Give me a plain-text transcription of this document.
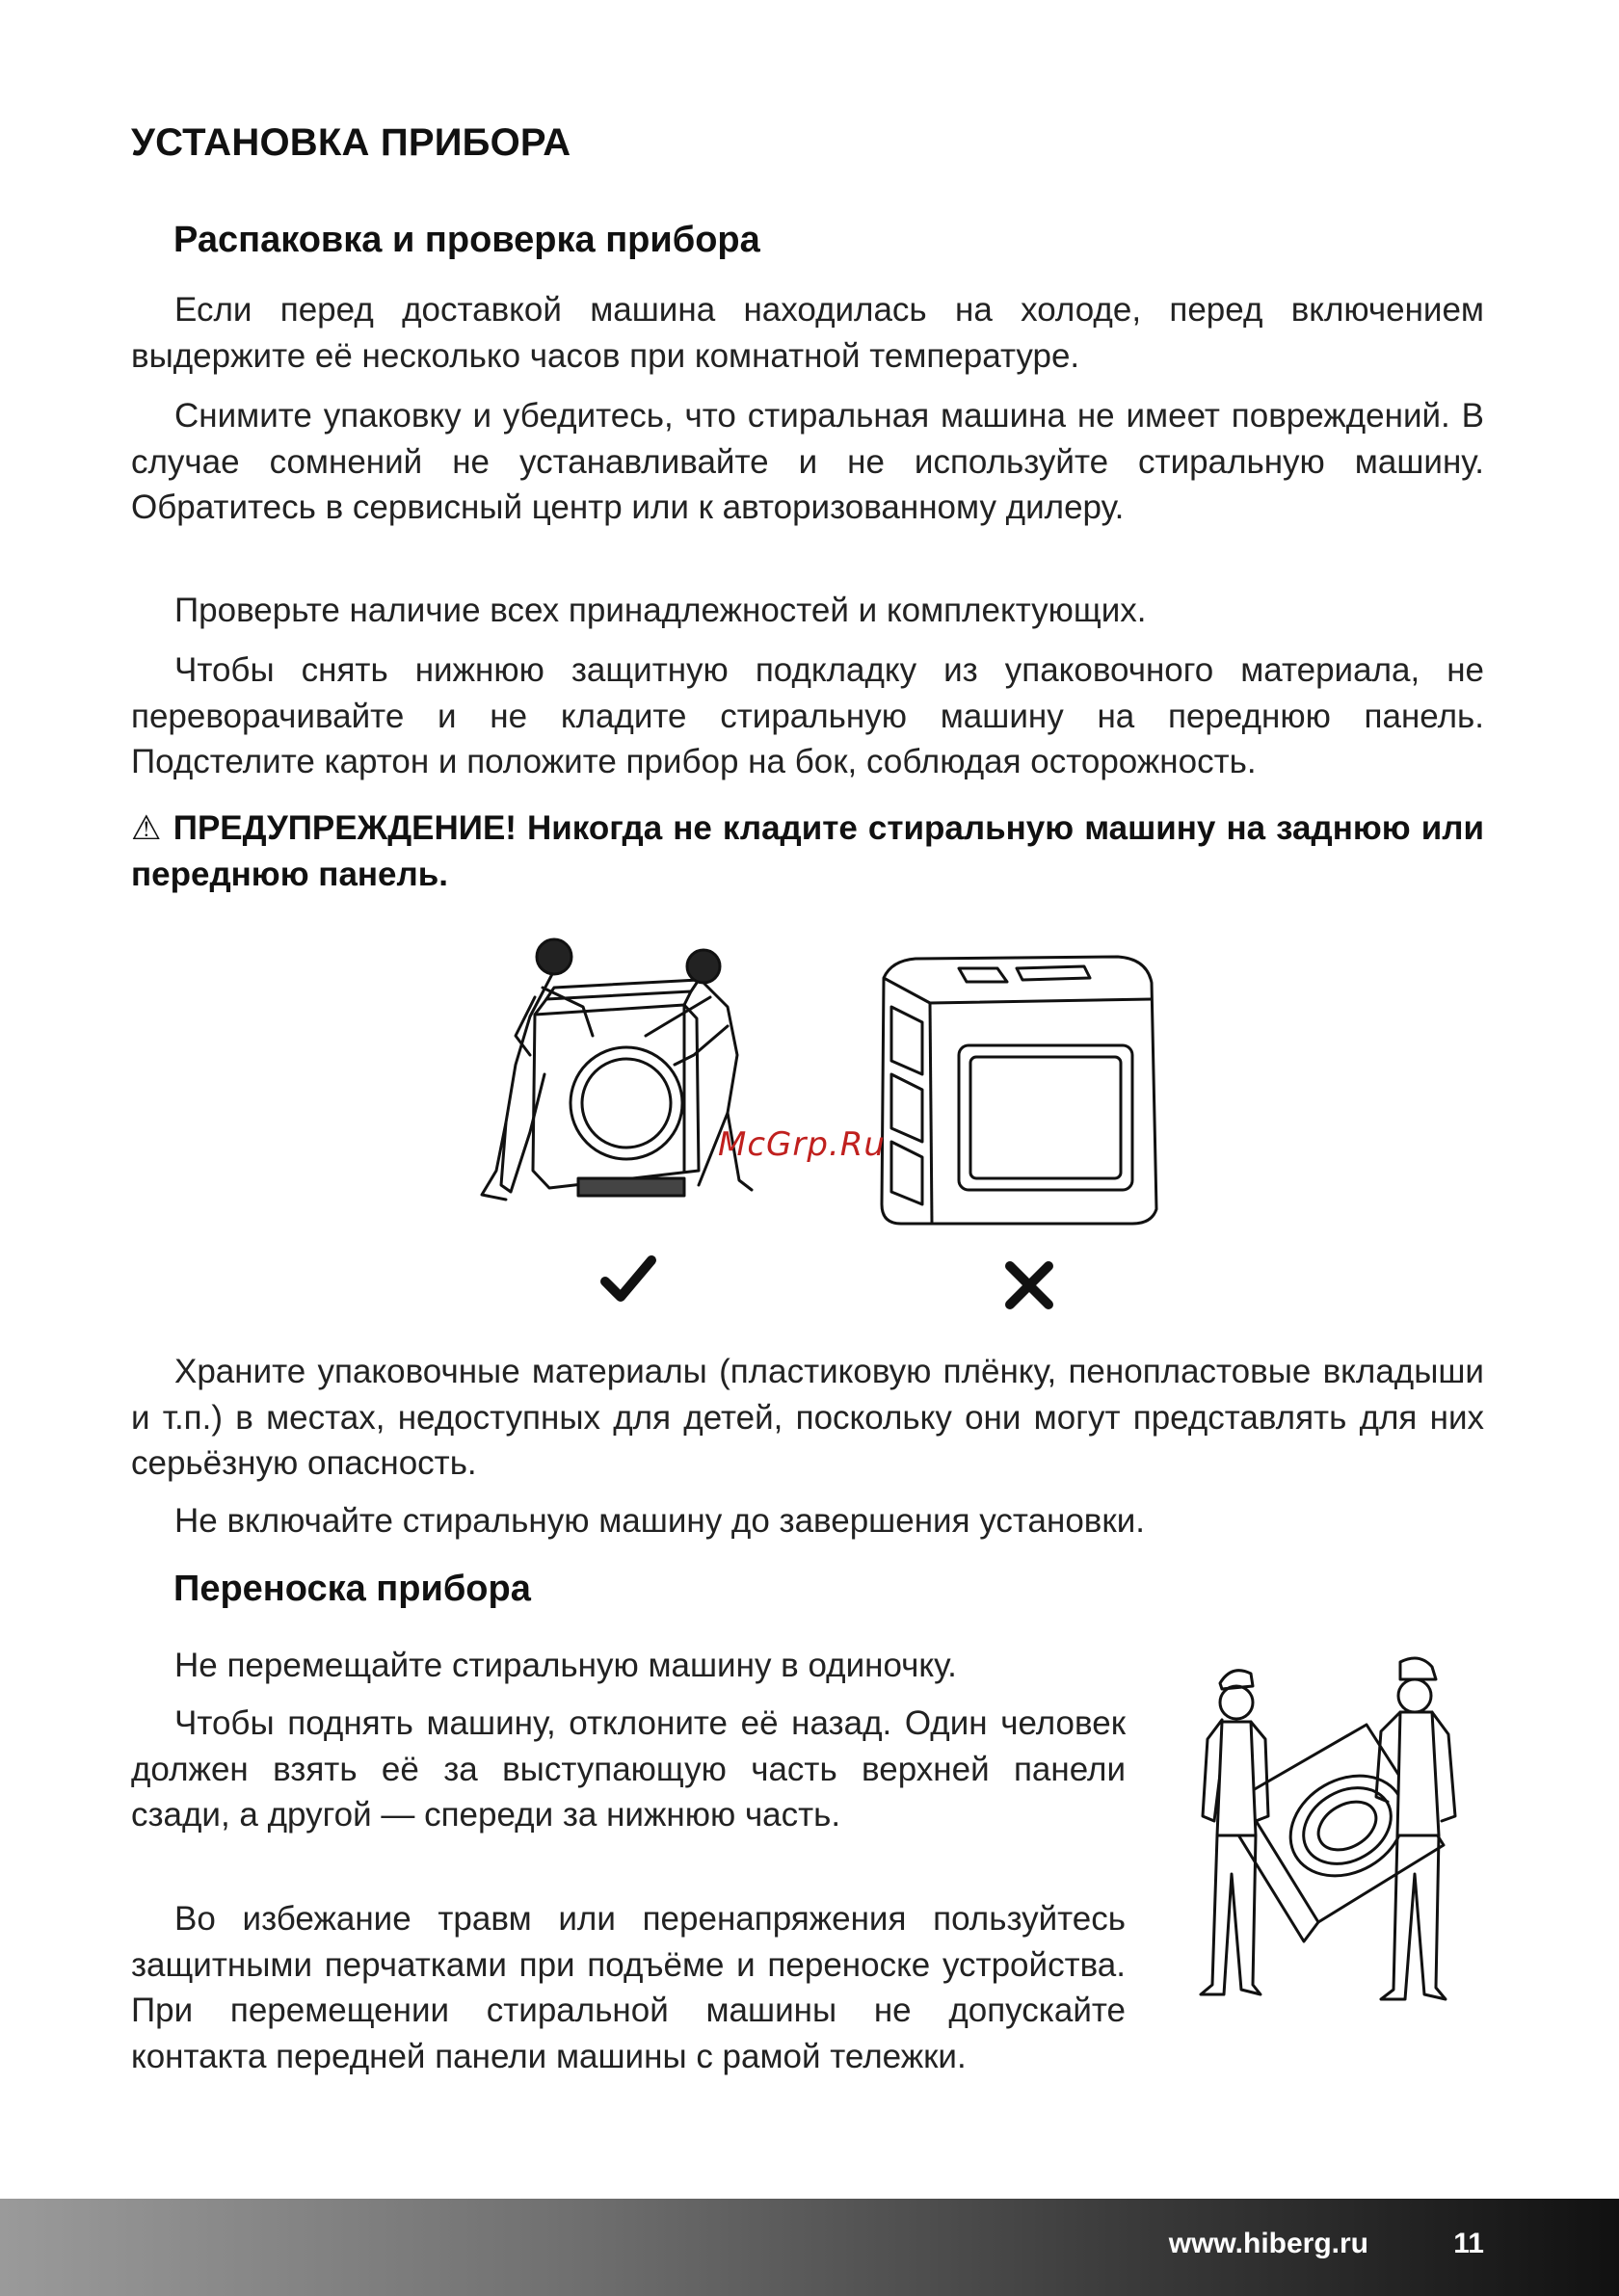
УСТАНОВКА ПРИБОРА
Распаковка и проверка прибора

Если перед доставкой машина находилась на холоде, перед включением выдержите её несколько часов при комнатной температуре.

Снимите упаковку и убедитесь, что стиральная машина не имеет повреждений. В случае сомнений не устанавливайте и не используйте стиральную машину. Обратитесь в сервисный центр или к авторизованному дилеру.

Проверьте наличие всех принадлежностей и комплектующих.

Чтобы снять нижнюю защитную подкладку из упаковочного материала, не переворачивайте и не кладите стиральную машину на переднюю панель. Подстелите картон и положите прибор на бок, соблюдая осторожность.

⚠ ПРЕДУПРЕЖДЕНИЕ! Никогда не кладите стиральную машину на заднюю или переднюю панель.

McGrp.Ru

Храните упаковочные материалы (пластиковую плёнку, пенопластовые вкладыши и т.п.) в местах, недоступных для детей, поскольку они могут представлять для них серьёзную опасность.

Не включайте стиральную машину до завершения установки.

Переноска прибора

Не перемещайте стиральную машину в одиночку.

Чтобы поднять машину, отклоните её назад. Один человек должен взять её за выступающую часть верхней панели сзади, а другой — спереди за нижнюю часть.

Во избежание травм или перенапряжения пользуйтесь защитными перчатками при подъёме и переноске устройства. При перемещении стиральной машины не допускайте контакта передней панели машины с рамой тележки.

www.hiberg.ru	11
